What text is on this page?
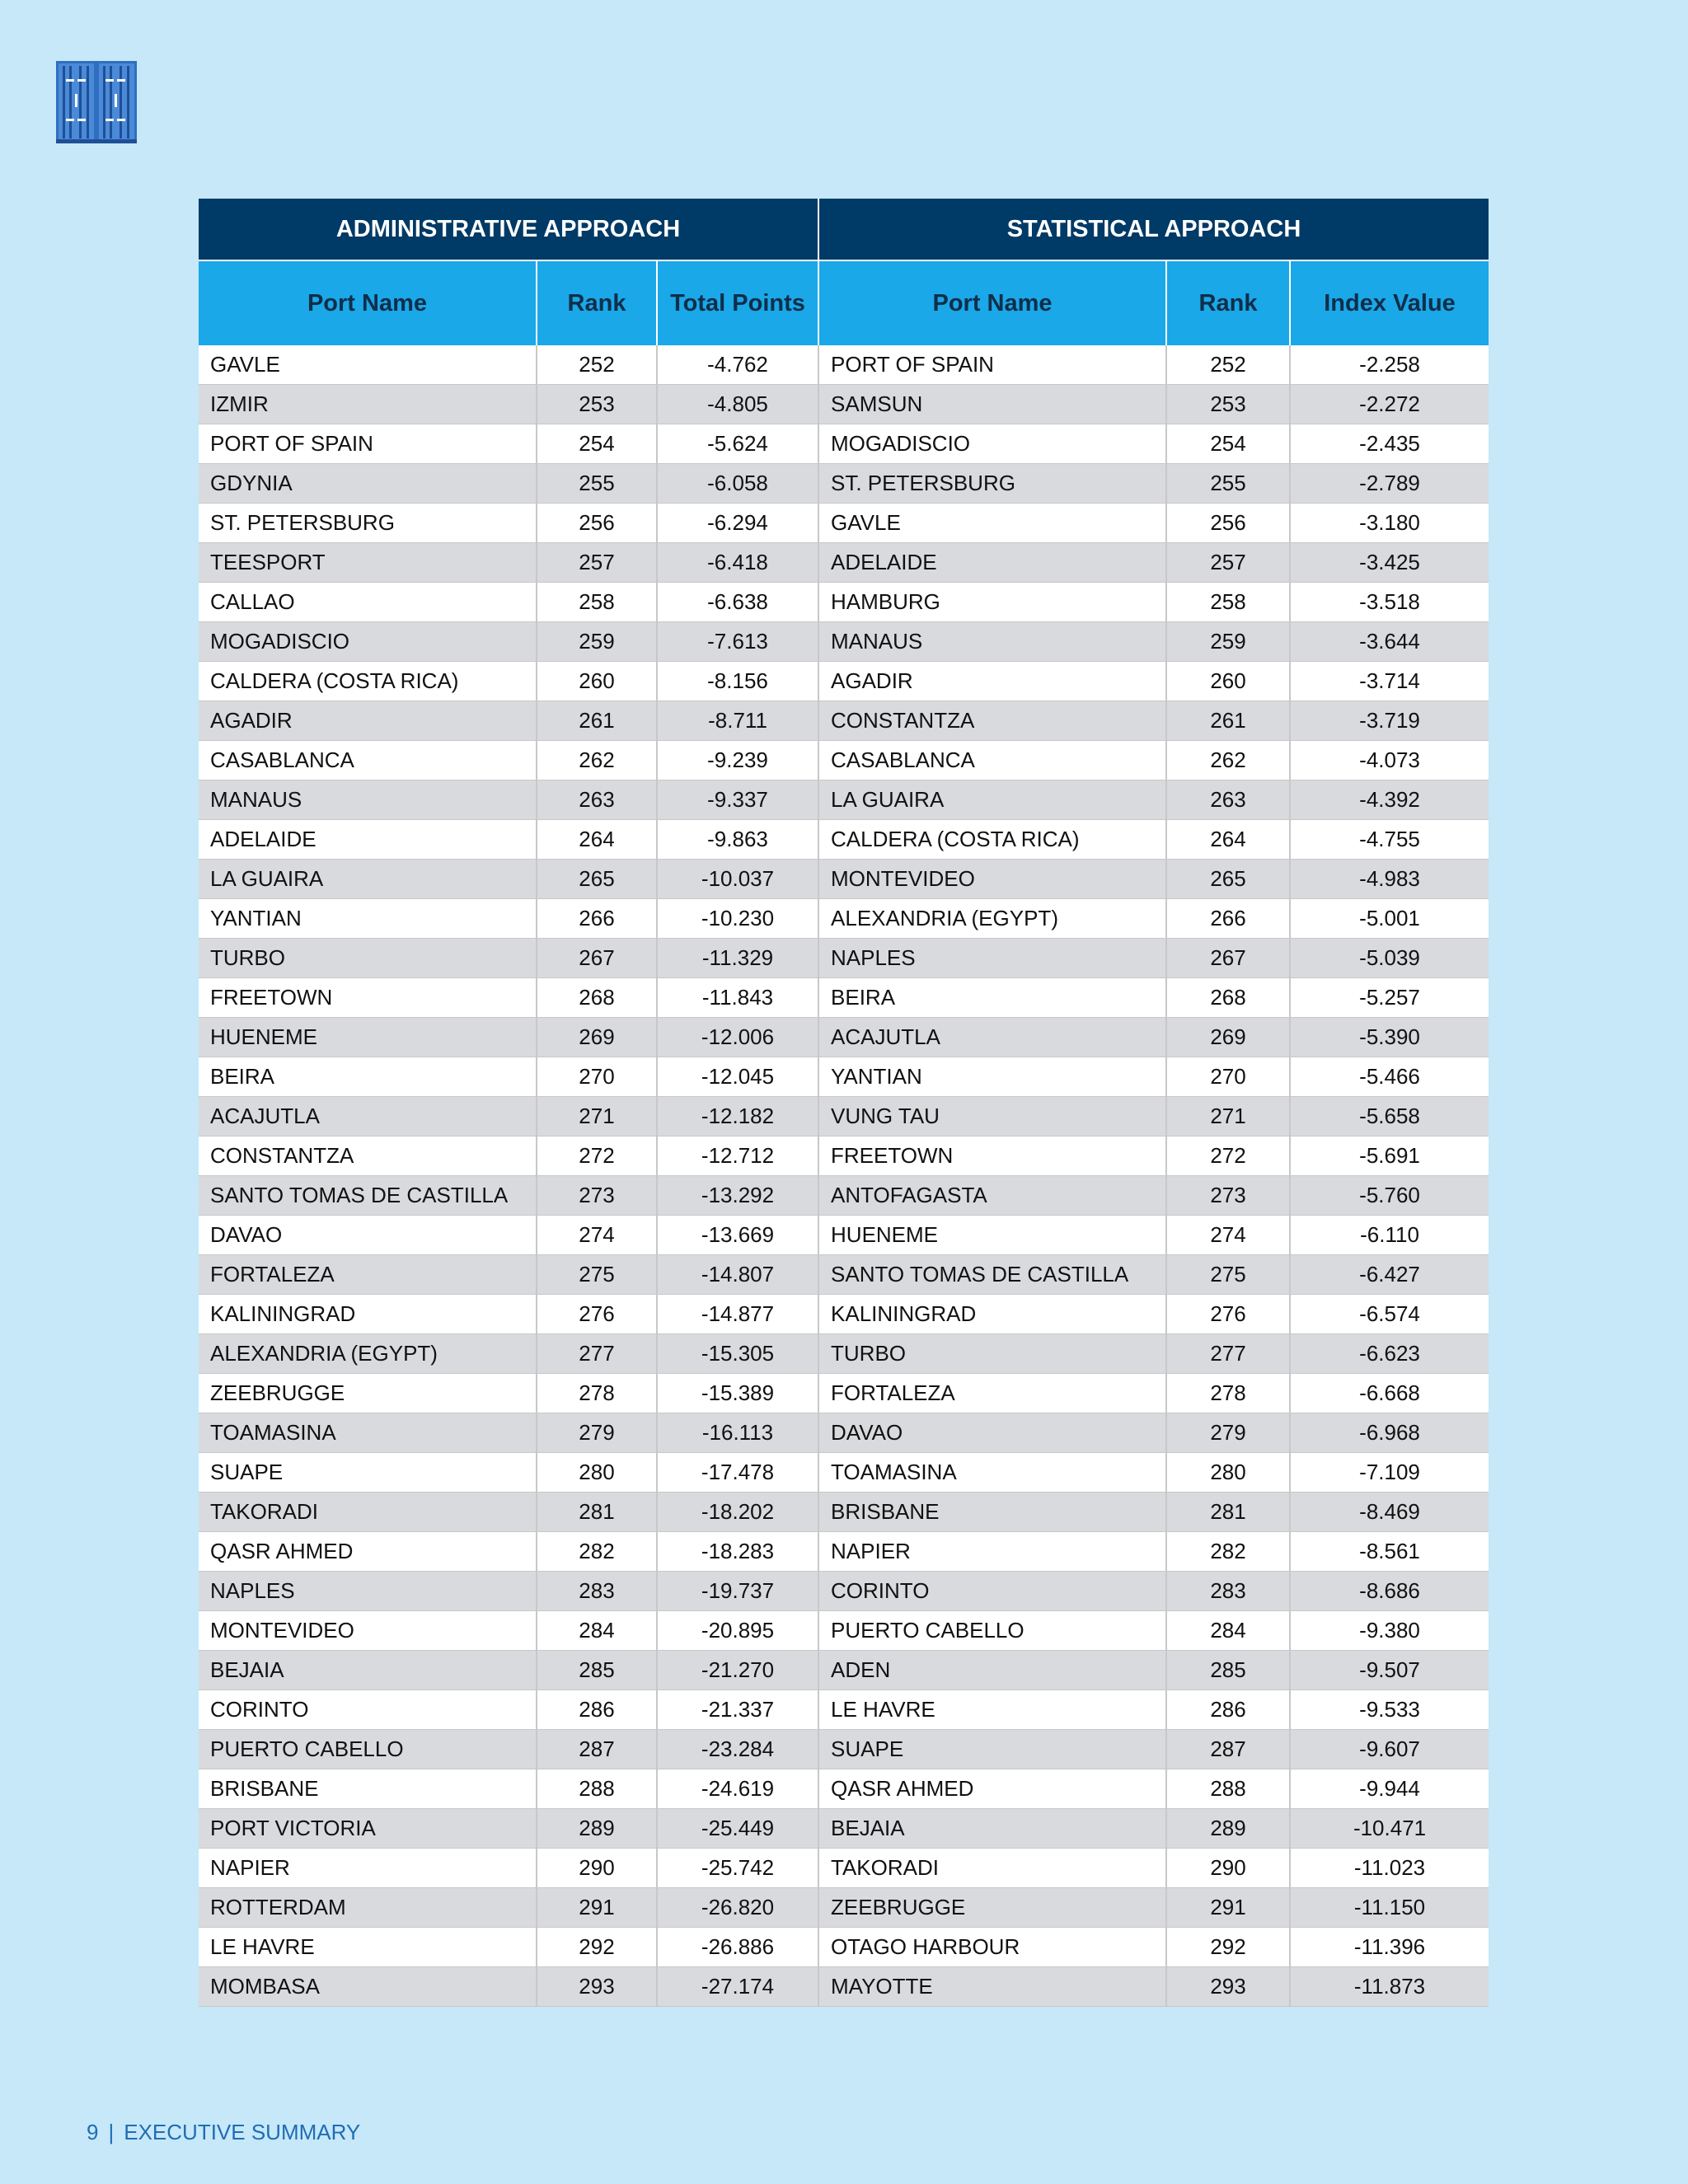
ADMINISTRATIVE APPROACH			STATISTICAL APPROACH		
Port Name	Rank	Total Points	Port Name	Rank	Index Value
GAVLE	252	-4.762	PORT OF SPAIN	252	-2.258
IZMIR	253	-4.805	SAMSUN	253	-2.272
PORT OF SPAIN	254	-5.624	MOGADISCIO	254	-2.435
GDYNIA	255	-6.058	ST. PETERSBURG	255	-2.789
ST. PETERSBURG	256	-6.294	GAVLE	256	-3.180
TEESPORT	257	-6.418	ADELAIDE	257	-3.425
CALLAO	258	-6.638	HAMBURG	258	-3.518
MOGADISCIO	259	-7.613	MANAUS	259	-3.644
CALDERA (COSTA RICA)	260	-8.156	AGADIR	260	-3.714
AGADIR	261	-8.711	CONSTANTZA	261	-3.719
CASABLANCA	262	-9.239	CASABLANCA	262	-4.073
MANAUS	263	-9.337	LA GUAIRA	263	-4.392
ADELAIDE	264	-9.863	CALDERA (COSTA RICA)	264	-4.755
LA GUAIRA	265	-10.037	MONTEVIDEO	265	-4.983
YANTIAN	266	-10.230	ALEXANDRIA (EGYPT)	266	-5.001
TURBO	267	-11.329	NAPLES	267	-5.039
FREETOWN	268	-11.843	BEIRA	268	-5.257
HUENEME	269	-12.006	ACAJUTLA	269	-5.390
BEIRA	270	-12.045	YANTIAN	270	-5.466
ACAJUTLA	271	-12.182	VUNG TAU	271	-5.658
CONSTANTZA	272	-12.712	FREETOWN	272	-5.691
SANTO TOMAS DE CASTILLA	273	-13.292	ANTOFAGASTA	273	-5.760
DAVAO	274	-13.669	HUENEME	274	-6.110
FORTALEZA	275	-14.807	SANTO TOMAS DE CASTILLA	275	-6.427
KALININGRAD	276	-14.877	KALININGRAD	276	-6.574
ALEXANDRIA (EGYPT)	277	-15.305	TURBO	277	-6.623
ZEEBRUGGE	278	-15.389	FORTALEZA	278	-6.668
TOAMASINA	279	-16.113	DAVAO	279	-6.968
SUAPE	280	-17.478	TOAMASINA	280	-7.109
TAKORADI	281	-18.202	BRISBANE	281	-8.469
QASR AHMED	282	-18.283	NAPIER	282	-8.561
NAPLES	283	-19.737	CORINTO	283	-8.686
MONTEVIDEO	284	-20.895	PUERTO CABELLO	284	-9.380
BEJAIA	285	-21.270	ADEN	285	-9.507
CORINTO	286	-21.337	LE HAVRE	286	-9.533
PUERTO CABELLO	287	-23.284	SUAPE	287	-9.607
BRISBANE	288	-24.619	QASR AHMED	288	-9.944
PORT VICTORIA	289	-25.449	BEJAIA	289	-10.471
NAPIER	290	-25.742	TAKORADI	290	-11.023
ROTTERDAM	291	-26.820	ZEEBRUGGE	291	-11.150
LE HAVRE	292	-26.886	OTAGO HARBOUR	292	-11.396
MOMBASA	293	-27.174	MAYOTTE	293	-11.873
9 | EXECUTIVE SUMMARY
